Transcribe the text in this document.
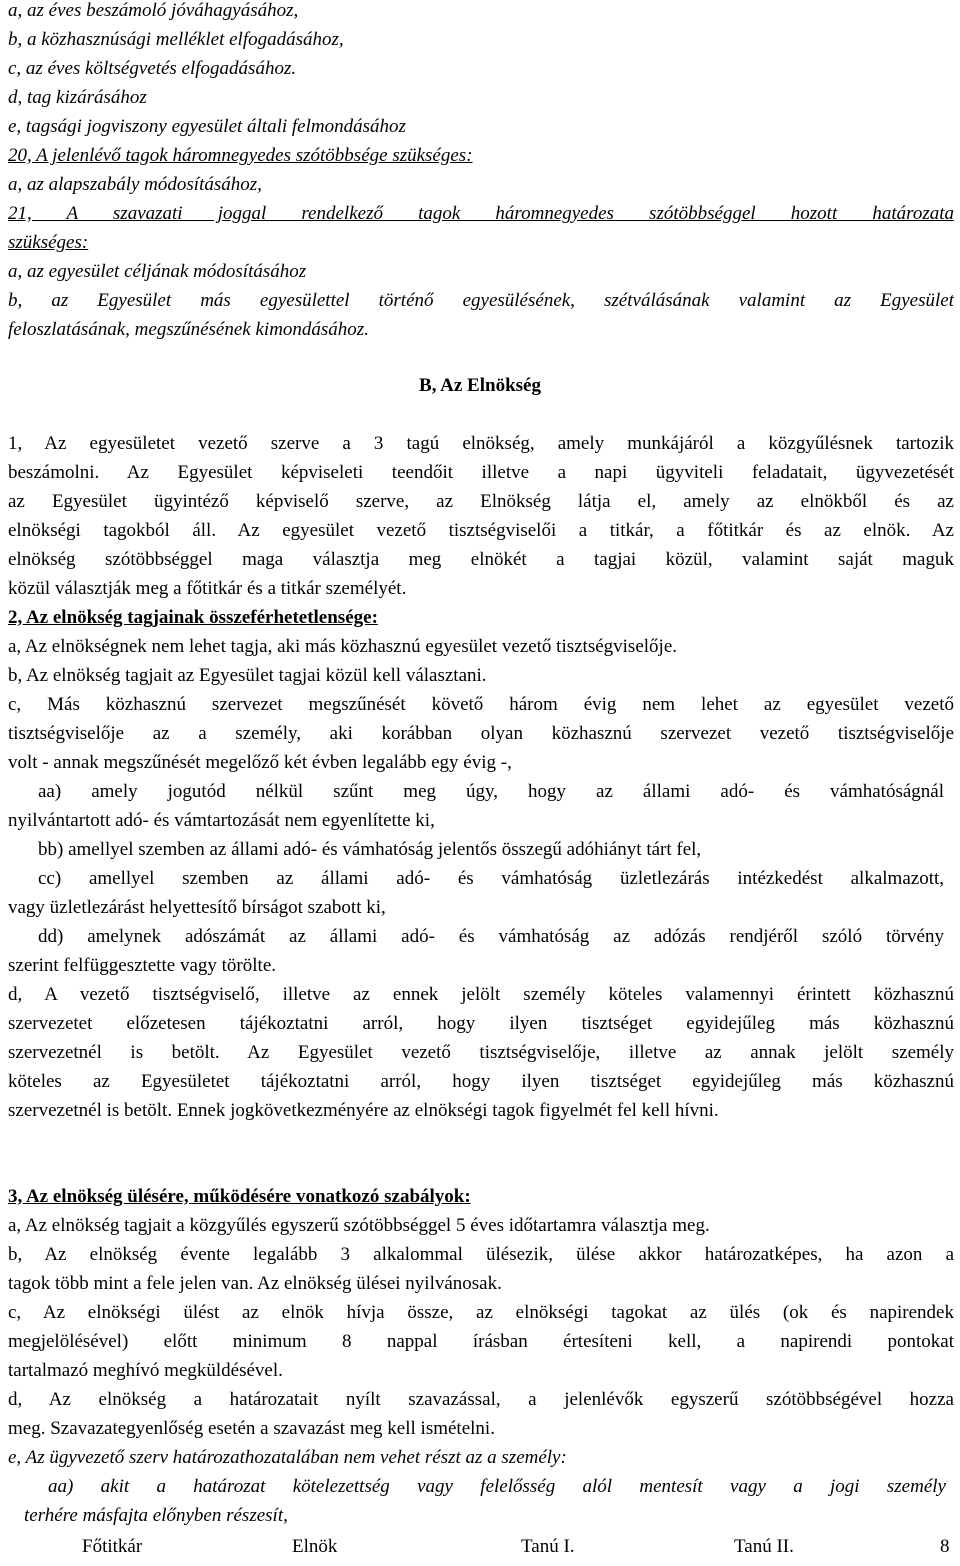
a, az éves beszámoló jóváhagyásához,
b, a közhasznúsági melléklet elfogadásához,
c, az éves költségvetés elfogadásához.
d, tag kizárásához
e, tagsági jogviszony egyesület általi felmondásához
20, A jelenlévő tagok háromnegyedes szótöbbsége szükséges:
a, az alapszabály módosításához,
21, A szavazati joggal rendelkező tagok háromnegyedes szótöbbséggel hozott határozata
szükséges:
a, az egyesület céljának módosításához
b, az Egyesület más egyesülettel történő egyesülésének, szétválásának valamint az Egyesület
feloszlatásának, megszűnésének kimondásához.
B, Az Elnökség
1, Az egyesületet vezető szerve a 3 tagú elnökség, amely munkájáról a közgyűlésnek tartozik
beszámolni. Az Egyesület képviseleti teendőit illetve a napi ügyviteli feladatait, ügyvezetését
az Egyesület ügyintéző képviselő szerve, az Elnökség látja el, amely az elnökből és az
elnökségi tagokból áll. Az egyesület vezető tisztségviselői a titkár, a főtitkár és az elnök. Az
elnökség szótöbbséggel maga választja meg elnökét a tagjai közül, valamint saját maguk
közül választják meg a főtitkár és a titkár személyét.
2, Az elnökség tagjainak összeférhetetlensége:
a, Az elnökségnek nem lehet tagja, aki más közhasznú egyesület vezető tisztségviselője.
b, Az elnökség tagjait az Egyesület tagjai közül kell választani.
c, Más közhasznú szervezet megszűnését követő három évig nem lehet az egyesület vezető
tisztségviselője az a személy, aki korábban olyan közhasznú szervezet vezető tisztségviselője
volt - annak megszűnését megelőző két évben legalább egy évig -,
aa) amely jogutód nélkül szűnt meg úgy, hogy az állami adó- és vámhatóságnál
nyilvántartott adó- és vámtartozását nem egyenlítette ki,
bb) amellyel szemben az állami adó- és vámhatóság jelentős összegű adóhiányt tárt fel,
cc) amellyel szemben az állami adó- és vámhatóság üzletlezárás intézkedést alkalmazott,
vagy üzletlezárást helyettesítő bírságot szabott ki,
dd) amelynek adószámát az állami adó- és vámhatóság az adózás rendjéről szóló törvény
szerint felfüggesztette vagy törölte.
d, A vezető tisztségviselő, illetve az ennek jelölt személy köteles valamennyi érintett közhasznú
szervezetet előzetesen tájékoztatni arról, hogy ilyen tisztséget egyidejűleg más közhasznú
szervezetnél is betölt. Az Egyesület vezető tisztségviselője, illetve az annak jelölt személy
köteles az Egyesületet tájékoztatni arról, hogy ilyen tisztséget egyidejűleg más közhasznú
szervezetnél is betölt. Ennek jogkövetkezményére az elnökségi tagok figyelmét fel kell hívni.
3, Az elnökség ülésére, működésére vonatkozó szabályok:
a, Az elnökség tagjait a közgyűlés egyszerű szótöbbséggel 5 éves időtartamra választja meg.
b, Az elnökség évente legalább 3 alkalommal ülésezik, ülése akkor határozatképes, ha azon a
tagok több mint a fele jelen van. Az elnökség ülései nyilvánosak.
c, Az elnökségi ülést az elnök hívja össze, az elnökségi tagokat az ülés (ok és napirendek
megjelölésével) előtt minimum 8 nappal írásban értesíteni kell, a napirendi pontokat
tartalmazó meghívó megküldésével.
d, Az elnökség a határozatait nyílt szavazással, a jelenlévők egyszerű szótöbbségével hozza
meg. Szavazategyenlőség esetén a szavazást meg kell ismételni.
e, Az ügyvezető szerv határozathozatalában nem vehet részt az a személy:
aa) akit a határozat kötelezettség vagy felelősség alól mentesít vagy a jogi személy
terhére másfajta előnyben részesít,
Főtitkár	Elnök	Tanú I.	Tanú II.	8
